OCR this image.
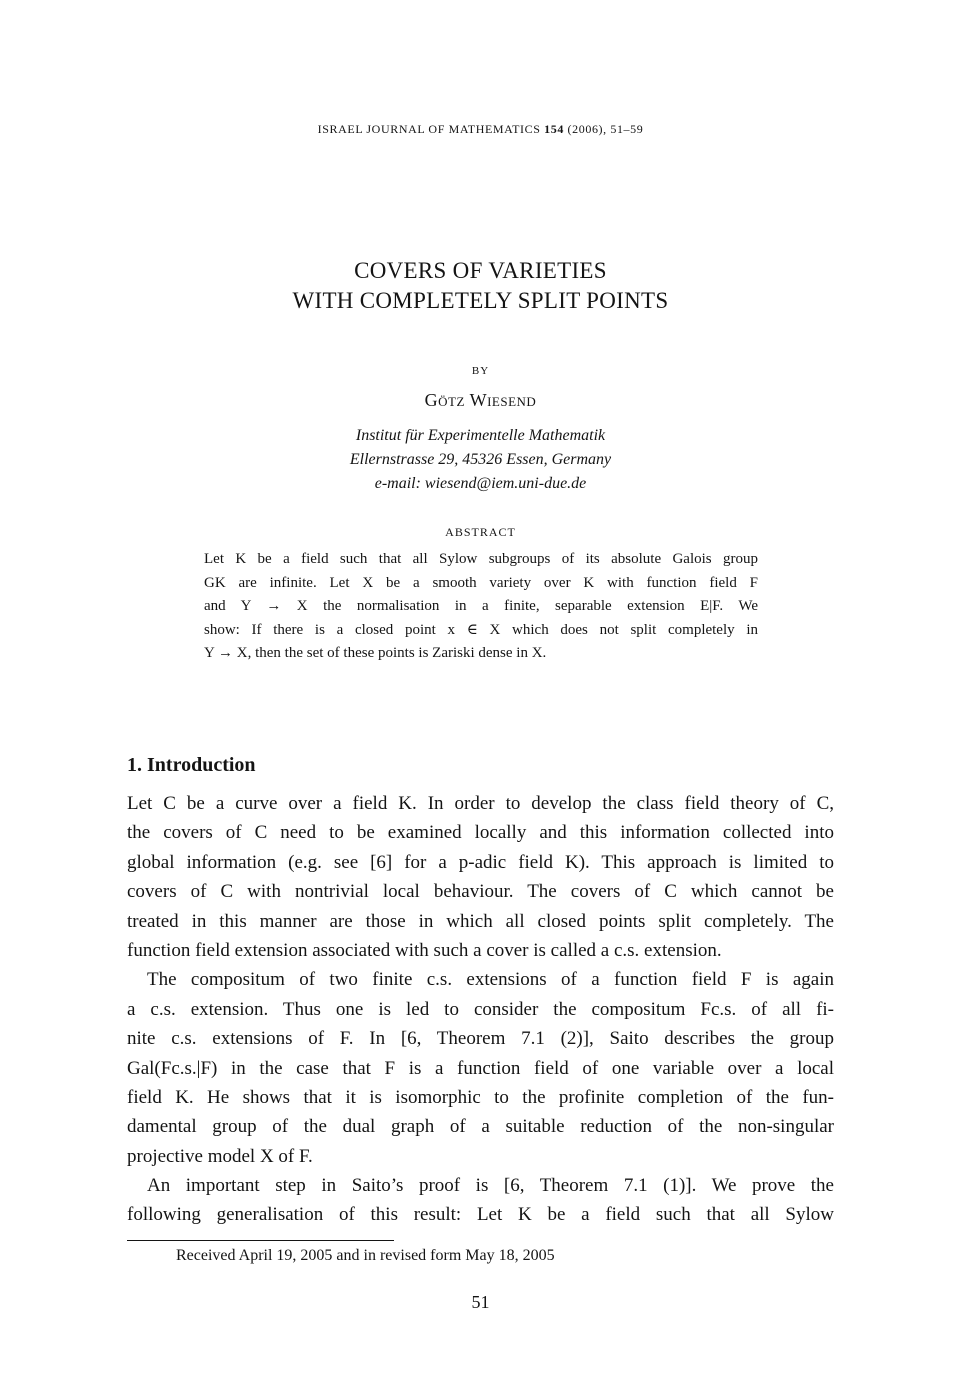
ISRAEL JOURNAL OF MATHEMATICS 154 (2006), 51–59
COVERS OF VARIETIES
WITH COMPLETELY SPLIT POINTS
BY
Götz Wiesend
Institut für Experimentelle Mathematik
Ellernstrasse 29, 45326 Essen, Germany
e-mail: wiesend@iem.uni-due.de
ABSTRACT
Let K be a field such that all Sylow subgroups of its absolute Galois group
GK are infinite. Let X be a smooth variety over K with function field F
and Y → X the normalisation in a finite, separable extension E|F. We
show: If there is a closed point x ∈ X which does not split completely in
Y → X, then the set of these points is Zariski dense in X.
1. Introduction
Let C be a curve over a field K. In order to develop the class field theory of C,
the covers of C need to be examined locally and this information collected into
global information (e.g. see [6] for a p-adic field K). This approach is limited to
covers of C with nontrivial local behaviour. The covers of C which cannot be
treated in this manner are those in which all closed points split completely. The
function field extension associated with such a cover is called a c.s. extension.
The compositum of two finite c.s. extensions of a function field F is again
a c.s. extension. Thus one is led to consider the compositum Fc.s. of all fi-
nite c.s. extensions of F. In [6, Theorem 7.1 (2)], Saito describes the group
Gal(Fc.s.|F) in the case that F is a function field of one variable over a local
field K. He shows that it is isomorphic to the profinite completion of the fun-
damental group of the dual graph of a suitable reduction of the non-singular
projective model X of F.
An important step in Saito’s proof is [6, Theorem 7.1 (1)]. We prove the
following generalisation of this result: Let K be a field such that all Sylow
Received April 19, 2005 and in revised form May 18, 2005
51
